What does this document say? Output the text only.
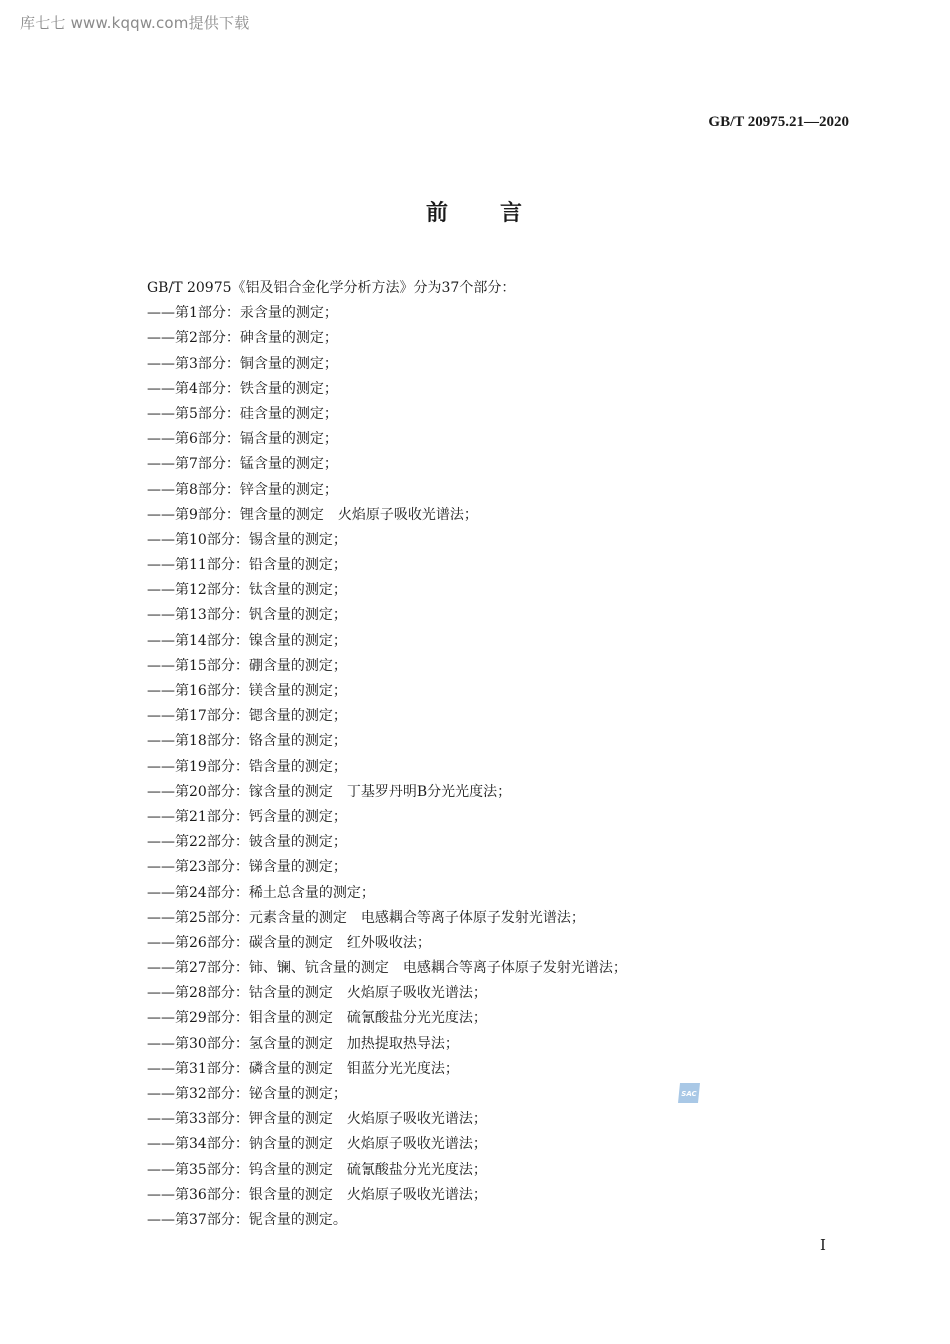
库七七 www.kqqw.com提供下载
GB/T 20975.21—2020
前 言
GB/T 20975《铝及铝合金化学分析方法》分为37个部分：
——第1部分：汞含量的测定；
——第2部分：砷含量的测定；
——第3部分：铜含量的测定；
——第4部分：铁含量的测定；
——第5部分：硅含量的测定；
——第6部分：镉含量的测定；
——第7部分：锰含量的测定；
——第8部分：锌含量的测定；
——第9部分：锂含量的测定　火焰原子吸收光谱法；
——第10部分：锡含量的测定；
——第11部分：铅含量的测定；
——第12部分：钛含量的测定；
——第13部分：钒含量的测定；
——第14部分：镍含量的测定；
——第15部分：硼含量的测定；
——第16部分：镁含量的测定；
——第17部分：锶含量的测定；
——第18部分：铬含量的测定；
——第19部分：锆含量的测定；
——第20部分：镓含量的测定　丁基罗丹明B分光光度法；
——第21部分：钙含量的测定；
——第22部分：铍含量的测定；
——第23部分：锑含量的测定；
——第24部分：稀土总含量的测定；
——第25部分：元素含量的测定　电感耦合等离子体原子发射光谱法；
——第26部分：碳含量的测定　红外吸收法；
——第27部分：铈、镧、钪含量的测定　电感耦合等离子体原子发射光谱法；
——第28部分：钴含量的测定　火焰原子吸收光谱法；
——第29部分：钼含量的测定　硫氰酸盐分光光度法；
——第30部分：氢含量的测定　加热提取热导法；
——第31部分：磷含量的测定　钼蓝分光光度法；
——第32部分：铋含量的测定；
——第33部分：钾含量的测定　火焰原子吸收光谱法；
——第34部分：钠含量的测定　火焰原子吸收光谱法；
——第35部分：钨含量的测定　硫氰酸盐分光光度法；
——第36部分：银含量的测定　火焰原子吸收光谱法；
——第37部分：铌含量的测定。
SAC
I
